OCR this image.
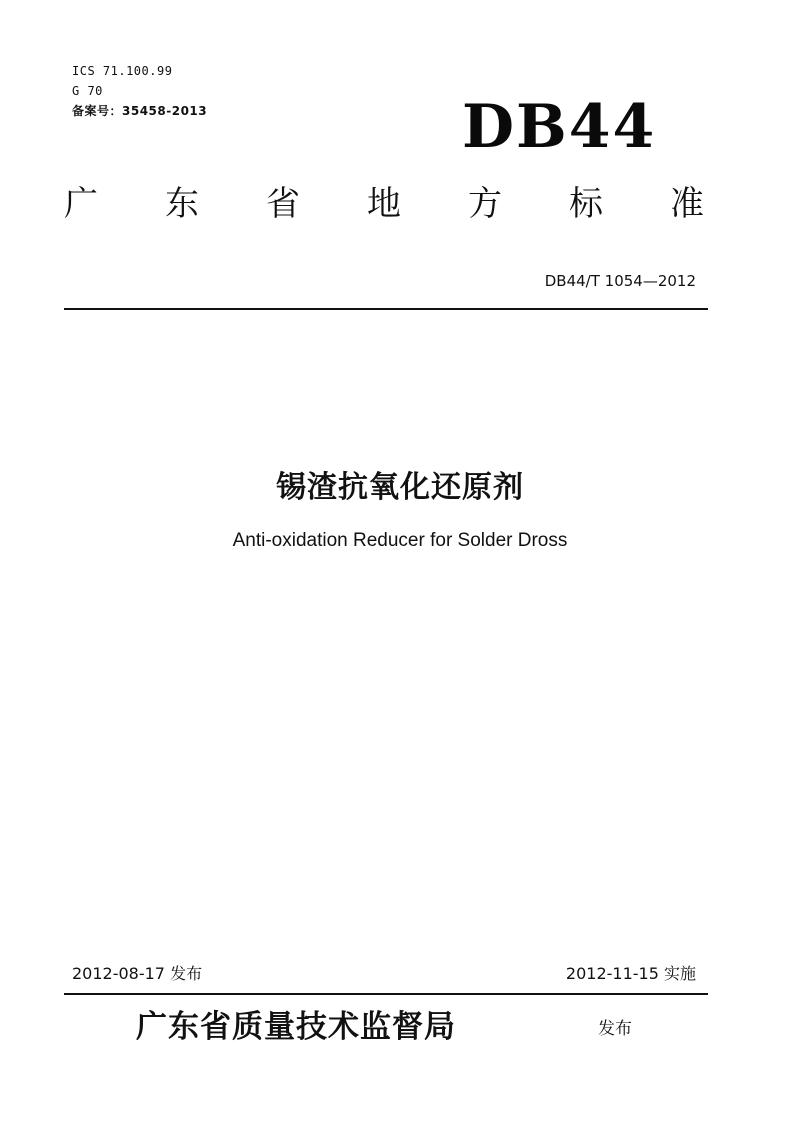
ICS 71.100.99
G 70
备案号：35458-2013	DB44
广 东 省 地 方 标 准
DB44/T 1054—2012
锡渣抗氧化还原剂
Anti-oxidation Reducer for Solder Dross
2012-08-17 发布	2012-11-15 实施
广东省质量技术监督局	发布
